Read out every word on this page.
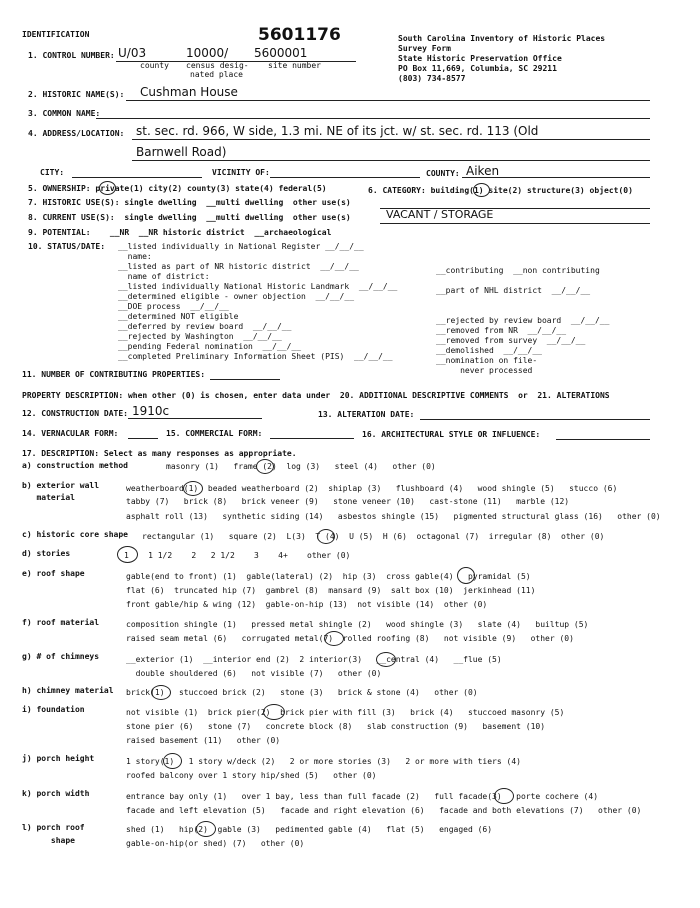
IDENTIFICATION	5601176	South Carolina Inventory of Historic Places
Survey Form
State Historic Preservation Office
PO Box 11,669, Columbia, SC 29211
(803) 734-8577
1. CONTROL NUMBER: U/03	10000/ 5600001
county census desig-
nated place
site number
2. HISTORIC NAME(S): Cushman House
3. COMMON NAME:
4. ADDRESS/LOCATION: st. sec. rd. 966, W side, 1.3 mi. NE of its jct. w/ st. sec. rd. 113 (Old
Barnwell Road)
CITY:	VICINITY OF:	COUNTY: Aiken
5. OWNERSHIP: private(1) city(2) county(3) state(4) federal(5)	6. CATEGORY: building(1) site(2) structure(3) object(0)
7. HISTORIC USE(S): single dwelling  __multi dwelling  other use(s)
8. CURRENT USE(S):  single dwelling  __multi dwelling  other use(s)	VACANT / STORAGE
9. POTENTIAL:    __NR  __NR historic district  __archaeological
10. STATUS/DATE: __listed individually in National Register __/__/__
name:
__listed as part of NR historic district  __/__/__
name of district:
__listed individually National Historic Landmark  __/__/__
__determined eligible - owner objection  __/__/__
__DOE process  __/__/__
__determined NOT eligible
__deferred by review board  __/__/__
__rejected by Washington  __/__/__
__pending Federal nomination  __/__/__
__completed Preliminary Information Sheet (PIS)  __/__/__
__contributing  __non contributing
__part of NHL district  __/__/__
__rejected by review board  __/__/__
__removed from NR  __/__/__
__removed from survey  __/__/__
__demolished  __/__/__
__nomination on file-
never processed
11. NUMBER OF CONTRIBUTING PROPERTIES:
PROPERTY DESCRIPTION: when other (0) is chosen, enter data under  20. ADDITIONAL DESCRIPTIVE COMMENTS  or  21. ALTERATIONS
12. CONSTRUCTION DATE: 1910c	13. ALTERATION DATE:
14. VERNACULAR FORM:	15. COMMERCIAL FORM:	16. ARCHITECTURAL STYLE OR INFLUENCE:
17. DESCRIPTION: Select as many responses as appropriate.
a) construction method	masonry (1)   frame (2)  log (3)   steel (4)   other (0)
b) exterior wall
material
weatherboard(1)  beaded weatherboard (2)  shiplap (3)   flushboard (4)   wood shingle (5)   stucco (6)
tabby (7)   brick (8)   brick veneer (9)   stone veneer (10)   cast-stone (11)   marble (12)
asphalt roll (13)   synthetic siding (14)   asbestos shingle (15)   pigmented structural glass (16)   other (0)
c) historic core shape rectangular (1)   square (2)  L(3)  T (4)  U (5)  H (6)  octagonal (7)  irregular (8)  other (0)
d) stories	1    1 1/2    2   2 1/2    3    4+    other (0)
e) roof shape	gable(end to front) (1)  gable(lateral) (2)  hip (3)  cross gable(4)   pyramidal (5)
flat (6)  truncated hip (7)  gambrel (8)  mansard (9)  salt box (10)  jerkinhead (11)
front gable/hip & wing (12)  gable-on-hip (13)  not visible (14)  other (0)
f) roof material	composition shingle (1)   pressed metal shingle (2)   wood shingle (3)   slate (4)   builtup (5)
raised seam metal (6)   corrugated metal(7)  rolled roofing (8)   not visible (9)   other (0)
g) # of chimneys	__exterior (1)  __interior end (2)  2 interior(3)   __central (4)   __flue (5)
double shouldered (6)   not visible (7)   other (0)
h) chimney material brick(1)   stuccoed brick (2)   stone (3)   brick & stone (4)   other (0)
i) foundation	not visible (1)  brick pier(2)  brick pier with fill (3)   brick (4)   stuccoed masonry (5)
stone pier (6)   stone (7)   concrete block (8)   slab construction (9)   basement (10)
raised basement (11)   other (0)
j) porch height	1 story(1)   1 story w/deck (2)   2 or more stories (3)   2 or more with tiers (4)
roofed balcony over 1 story hip/shed (5)   other (0)
k) porch width	entrance bay only (1)   over 1 bay, less than full facade (2)   full facade(3)   porte cochere (4)
facade and left elevation (5)   facade and right elevation (6)   facade and both elevations (7)   other (0)
l) porch roof
shape
shed (1)   hip(2)  gable (3)   pedimented gable (4)   flat (5)   engaged (6)
gable-on-hip(or shed) (7)   other (0)
